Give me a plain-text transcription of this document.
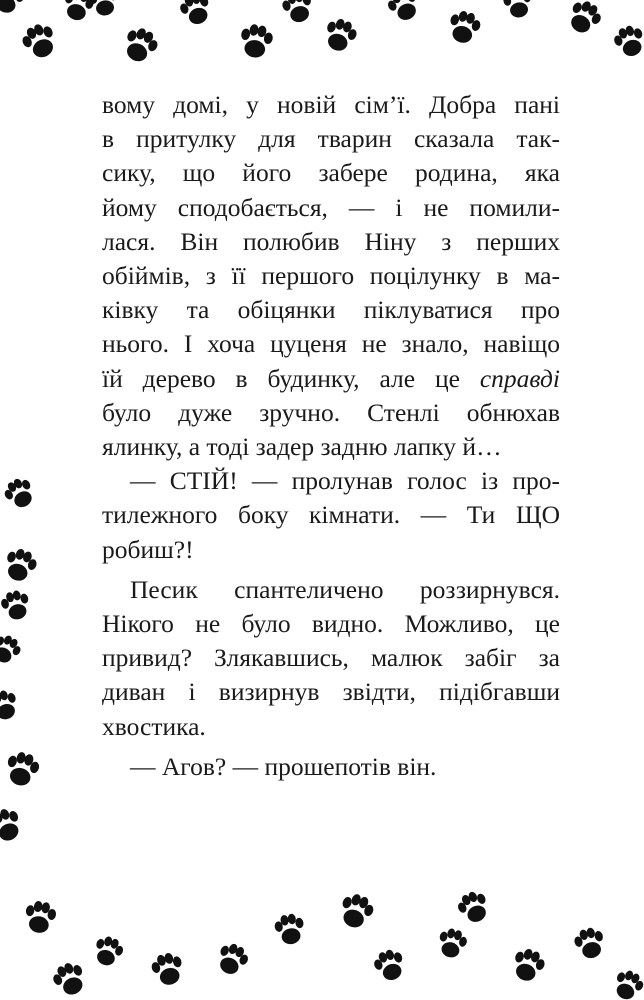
вому домі, у новій сім’ї. Добра пані
в притулку для тварин сказала так-
сику, що його забере родина, яка
йому сподобається, — і не помили-
лася. Він полюбив Ніну з перших
обіймів, з її першого поцілунку в ма-
ківку та обіцянки піклуватися про
нього. І хоча цуценя не знало, навіщо
їй дерево в будинку, але це справді
було дуже зручно. Стенлі обнюхав
ялинку, а тоді задер задню лапку й…

— СТІЙ! — пролунав голос із про-

тилежного боку кімнати. — Ти ЩО
робиш?!

Песик спантеличено роззирнувся.

Нікого не було видно. Можливо, це
привид? Злякавшись, малюк забіг за
диван і визирнув звідти, підібгавши
хвостика.

— Агов? — прошепотів він.
